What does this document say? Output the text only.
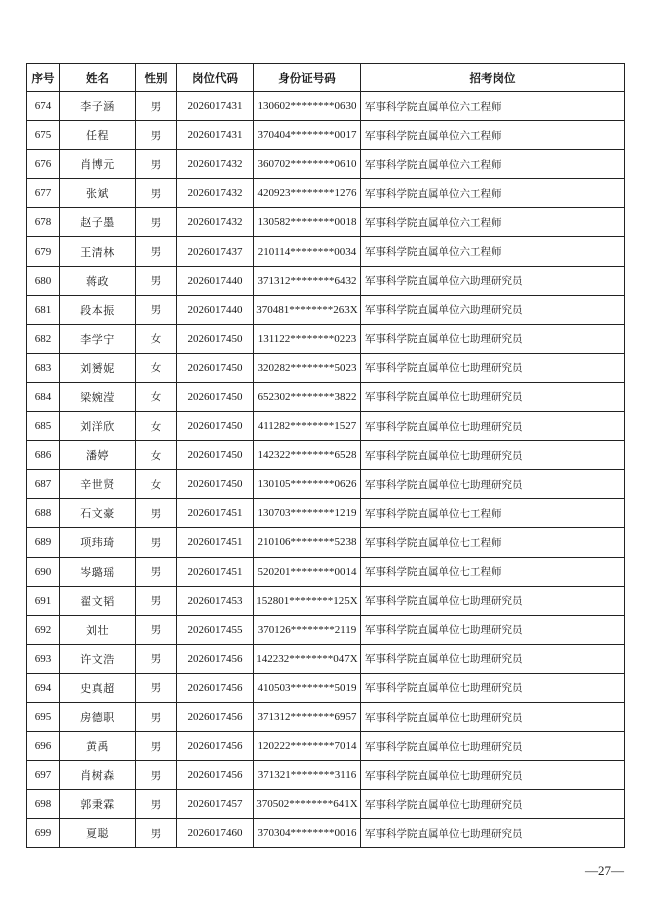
序号	姓名	性别	岗位代码	身份证号码	招考岗位
674	李子涵	男	2026017431	130602********0630	军事科学院直属单位六工程师
675	任程	男	2026017431	370404********0017	军事科学院直属单位六工程师
676	肖博元	男	2026017432	360702********0610	军事科学院直属单位六工程师
677	张斌	男	2026017432	420923********1276	军事科学院直属单位六工程师
678	赵子墨	男	2026017432	130582********0018	军事科学院直属单位六工程师
679	王清林	男	2026017437	210114********0034	军事科学院直属单位六工程师
680	蒋政	男	2026017440	371312********6432	军事科学院直属单位六助理研究员
681	段本振	男	2026017440	370481********263X	军事科学院直属单位六助理研究员
682	李学宁	女	2026017450	131122********0223	军事科学院直属单位七助理研究员
683	刘赟妮	女	2026017450	320282********5023	军事科学院直属单位七助理研究员
684	梁婉滢	女	2026017450	652302********3822	军事科学院直属单位七助理研究员
685	刘洋欣	女	2026017450	411282********1527	军事科学院直属单位七助理研究员
686	潘婷	女	2026017450	142322********6528	军事科学院直属单位七助理研究员
687	辛世贤	女	2026017450	130105********0626	军事科学院直属单位七助理研究员
688	石文豪	男	2026017451	130703********1219	军事科学院直属单位七工程师
689	项玮琦	男	2026017451	210106********5238	军事科学院直属单位七工程师
690	岑璐瑶	男	2026017451	520201********0014	军事科学院直属单位七工程师
691	翟文韬	男	2026017453	152801********125X	军事科学院直属单位七助理研究员
692	刘壮	男	2026017455	370126********2119	军事科学院直属单位七助理研究员
693	许文浩	男	2026017456	142232********047X	军事科学院直属单位七助理研究员
694	史真超	男	2026017456	410503********5019	军事科学院直属单位七助理研究员
695	房德职	男	2026017456	371312********6957	军事科学院直属单位七助理研究员
696	黄禹	男	2026017456	120222********7014	军事科学院直属单位七助理研究员
697	肖树森	男	2026017456	371321********3116	军事科学院直属单位七助理研究员
698	郭秉霖	男	2026017457	370502********641X	军事科学院直属单位七助理研究员
699	夏聪	男	2026017460	370304********0016	军事科学院直属单位七助理研究员
—27—
